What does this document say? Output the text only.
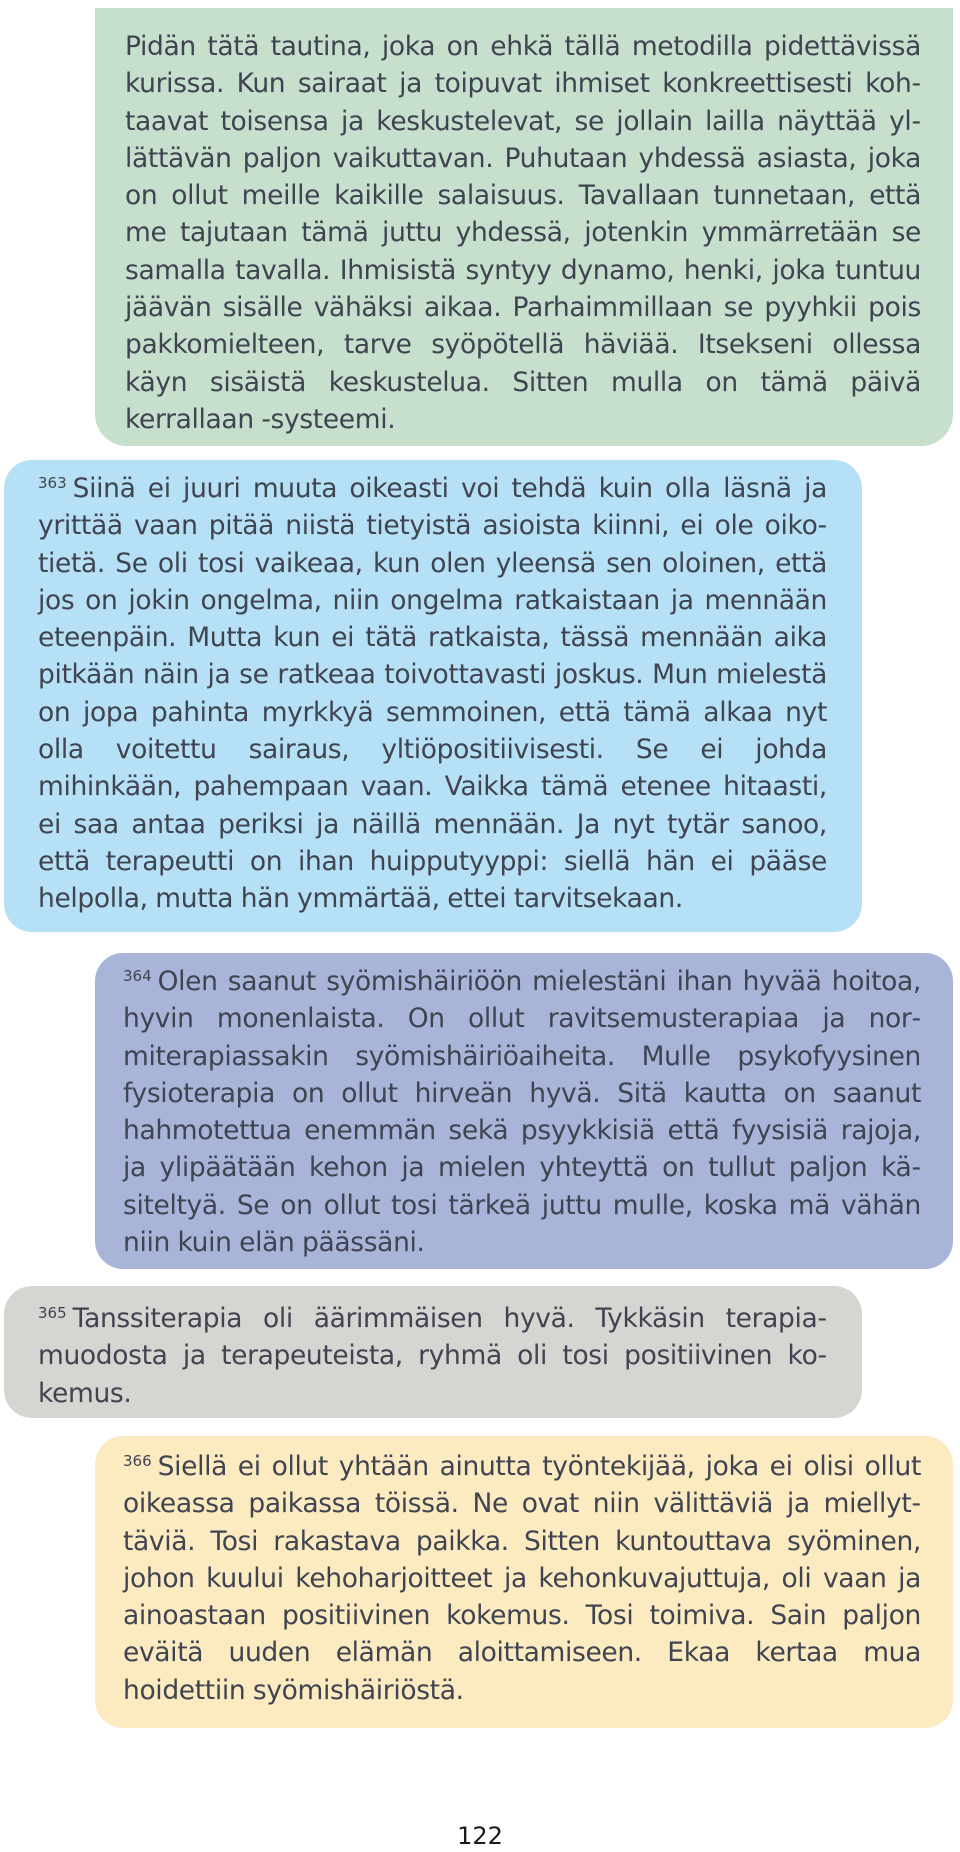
Pidän tätä tautina, joka on ehkä tällä metodilla pidettävissä kurissa. Kun sairaat ja toipuvat ihmiset konkreettisesti kohtaavat toisensa ja keskustelevat, se jollain lailla näyttää yllättävän paljon vaikuttavan. Puhutaan yhdessä asiasta, joka on ollut meille kaikille salaisuus. Tavallaan tunnetaan, että me tajutaan tämä juttu yhdessä, jotenkin ymmärretään se samalla tavalla. Ihmisistä syntyy dynamo, henki, joka tuntuu jäävän sisälle vähäksi aikaa. Parhaimmillaan se pyyhkii pois pakkomielteen, tarve syöpötellä häviää. Itsekseni ollessa käyn sisäistä keskustelua. Sitten mulla on tämä päivä kerrallaan -systeemi.

$^{363}$ Siinä ei juuri muuta oikeasti voi tehdä kuin olla läsnä ja yrittää vaan pitää niistä tietyistä asioista kiinni, ei ole oikotietä. Se oli tosi vaikeaa, kun olen yleensä sen oloinen, että jos on jokin ongelma, niin ongelma ratkaistaan ja mennään eteenpäin. Mutta kun ei tätä ratkaista, tässä mennään aika pitkään näin ja se ratkeaa toivottavasti joskus. Mun mielestä on jopa pahinta myrkkyä semmoinen, että tämä alkaa nyt olla voitettu sairaus, yltiöpositiivisesti. Se ei johda mihinkään, pahempaan vaan. Vaikka tämä etenee hitaasti, ei saa antaa periksi ja näillä mennään. Ja nyt tytär sanoo, että terapeutti on ihan huipputyyppi: siellä hän ei pääse helpolla, mutta hän ymmärtää, ettei tarvitsekaan.

$^{364}$ Olen saanut syömishäiriöön mielestäni ihan hyvää hoitoa, hyvin monenlaista. On ollut ravitsemusterapiaa ja normiterapiassakin syömishäiriöaiheita. Mulle psykofyysinen fysioterapia on ollut hirveän hyvä. Sitä kautta on saanut hahmotettua enemmän sekä psyykkisiä että fyysisiä rajoja, ja ylipäätään kehon ja mielen yhteyttä on tullut paljon käsiteltyä. Se on ollut tosi tärkeä juttu mulle, koska mä vähän niin kuin elän päässäni.

$^{365}$ Tanssiterapia oli äärimmäisen hyvä. Tykkäsin terapiamuodosta ja terapeuteista, ryhmä oli tosi positiivinen kokemus.

$^{366}$ Siellä ei ollut yhtään ainutta työntekijää, joka ei olisi ollut oikeassa paikassa töissä. Ne ovat niin välittäviä ja miellyttäviä. Tosi rakastava paikka. Sitten kuntouttava syöminen, johon kuului kehoharjoitteet ja kehonkuvajuttuja, oli vaan ja ainoastaan positiivinen kokemus. Tosi toimiva. Sain paljon eväitä uuden elämän aloittamiseen. Ekaa kertaa mua hoidettiin syömishäiriöstä.

122
